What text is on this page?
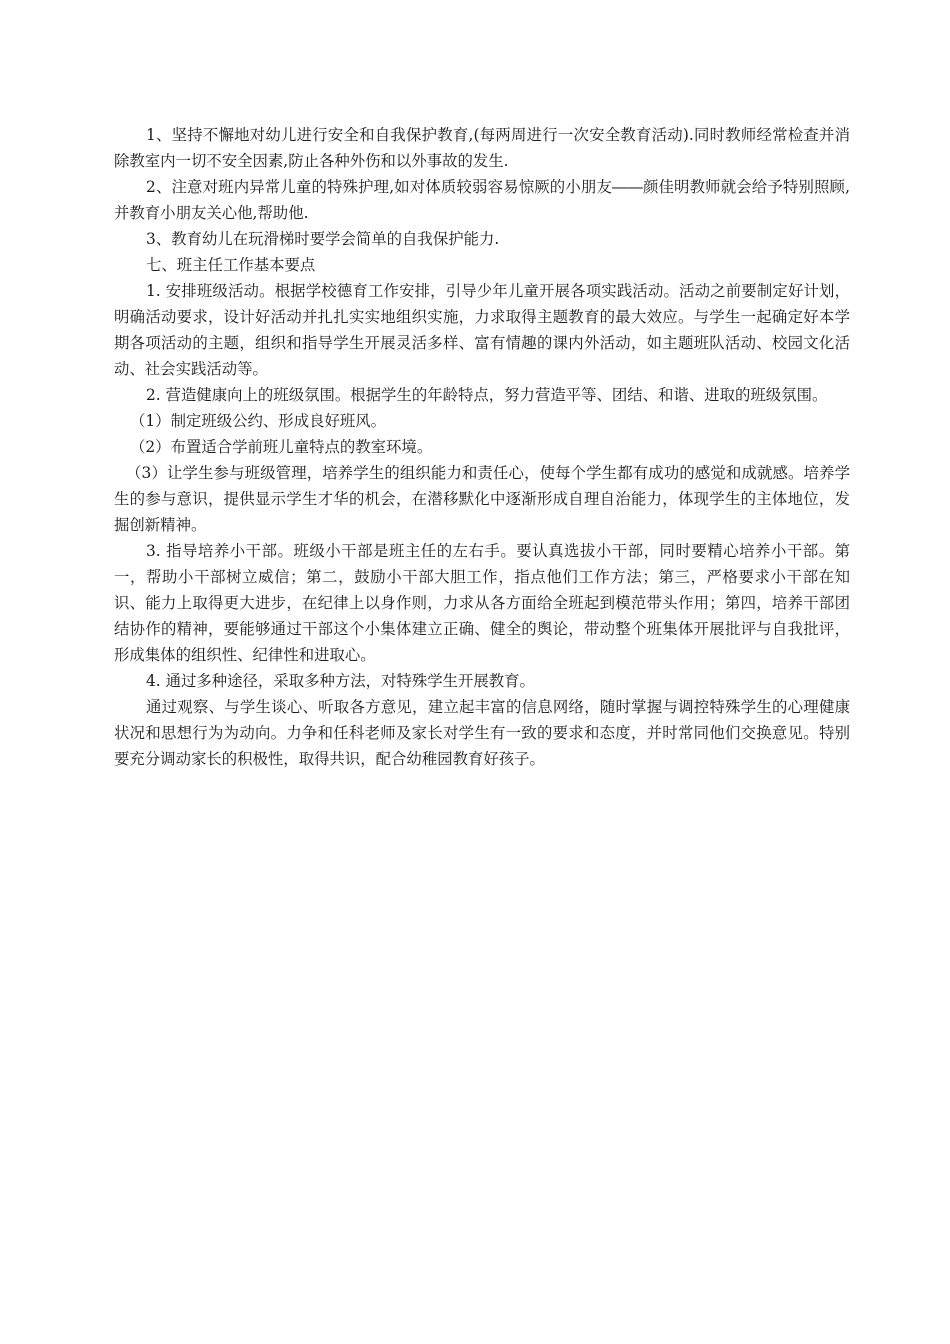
1、坚持不懈地对幼儿进行安全和自我保护教育,(每两周进行一次安全教育活动).同时教师经常检查并消除教室内一切不安全因素,防止各种外伤和以外事故的发生.

2、注意对班内异常儿童的特殊护理,如对体质较弱容易惊厥的小朋友――颜佳明教师就会给予特别照顾,并教育小朋友关心他,帮助他.

3、教育幼儿在玩滑梯时要学会简单的自我保护能力.

七、班主任工作基本要点

1. 安排班级活动。根据学校德育工作安排，引导少年儿童开展各项实践活动。活动之前要制定好计划，明确活动要求，设计好活动并扎扎实实地组织实施，力求取得主题教育的最大效应。与学生一起确定好本学期各项活动的主题，组织和指导学生开展灵活多样、富有情趣的课内外活动，如主题班队活动、校园文化活动、社会实践活动等。

2. 营造健康向上的班级氛围。根据学生的年龄特点，努力营造平等、团结、和谐、进取的班级氛围。

（1）制定班级公约、形成良好班风。

（2）布置适合学前班儿童特点的教室环境。

（3）让学生参与班级管理，培养学生的组织能力和责任心，使每个学生都有成功的感觉和成就感。培养学生的参与意识，提供显示学生才华的机会，在潜移默化中逐渐形成自理自治能力，体现学生的主体地位，发掘创新精神。

3. 指导培养小干部。班级小干部是班主任的左右手。要认真选拔小干部，同时要精心培养小干部。第一，帮助小干部树立威信；第二，鼓励小干部大胆工作，指点他们工作方法；第三，严格要求小干部在知识、能力上取得更大进步，在纪律上以身作则，力求从各方面给全班起到模范带头作用；第四，培养干部团结协作的精神，要能够通过干部这个小集体建立正确、健全的舆论，带动整个班集体开展批评与自我批评，形成集体的组织性、纪律性和进取心。

4. 通过多种途径，采取多种方法，对特殊学生开展教育。

通过观察、与学生谈心、听取各方意见，建立起丰富的信息网络，随时掌握与调控特殊学生的心理健康状况和思想行为为动向。力争和任科老师及家长对学生有一致的要求和态度，并时常同他们交换意见。特别要充分调动家长的积极性，取得共识，配合幼稚园教育好孩子。
